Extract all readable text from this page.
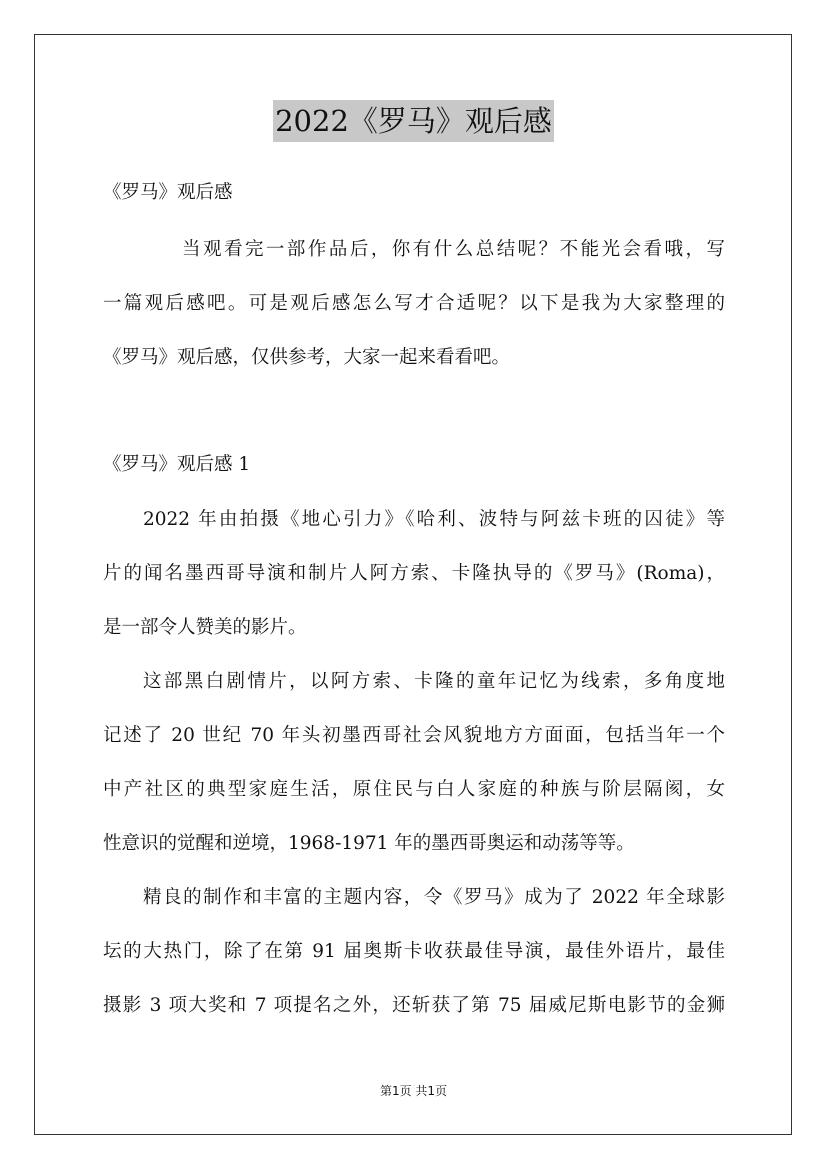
2022《罗马》观后感
《罗马》观后感
当观看完一部作品后，你有什么总结呢？不能光会看哦，写
一篇观后感吧。可是观后感怎么写才合适呢？以下是我为大家整理的
《罗马》观后感，仅供参考，大家一起来看看吧。
《罗马》观后感 1
2022 年由拍摄《地心引力》《哈利、波特与阿兹卡班的囚徒》等
片的闻名墨西哥导演和制片人阿方索、卡隆执导的《罗马》(Roma)，
是一部令人赞美的影片。
这部黑白剧情片，以阿方索、卡隆的童年记忆为线索，多角度地
记述了 20 世纪 70 年头初墨西哥社会风貌地方方面面，包括当年一个
中产社区的典型家庭生活，原住民与白人家庭的种族与阶层隔阂，女
性意识的觉醒和逆境，1968-1971 年的墨西哥奥运和动荡等等。
精良的制作和丰富的主题内容，令《罗马》成为了 2022 年全球影
坛的大热门，除了在第 91 届奥斯卡收获最佳导演，最佳外语片，最佳
摄影 3 项大奖和 7 项提名之外，还斩获了第 75 届威尼斯电影节的金狮
第1页 共1页
